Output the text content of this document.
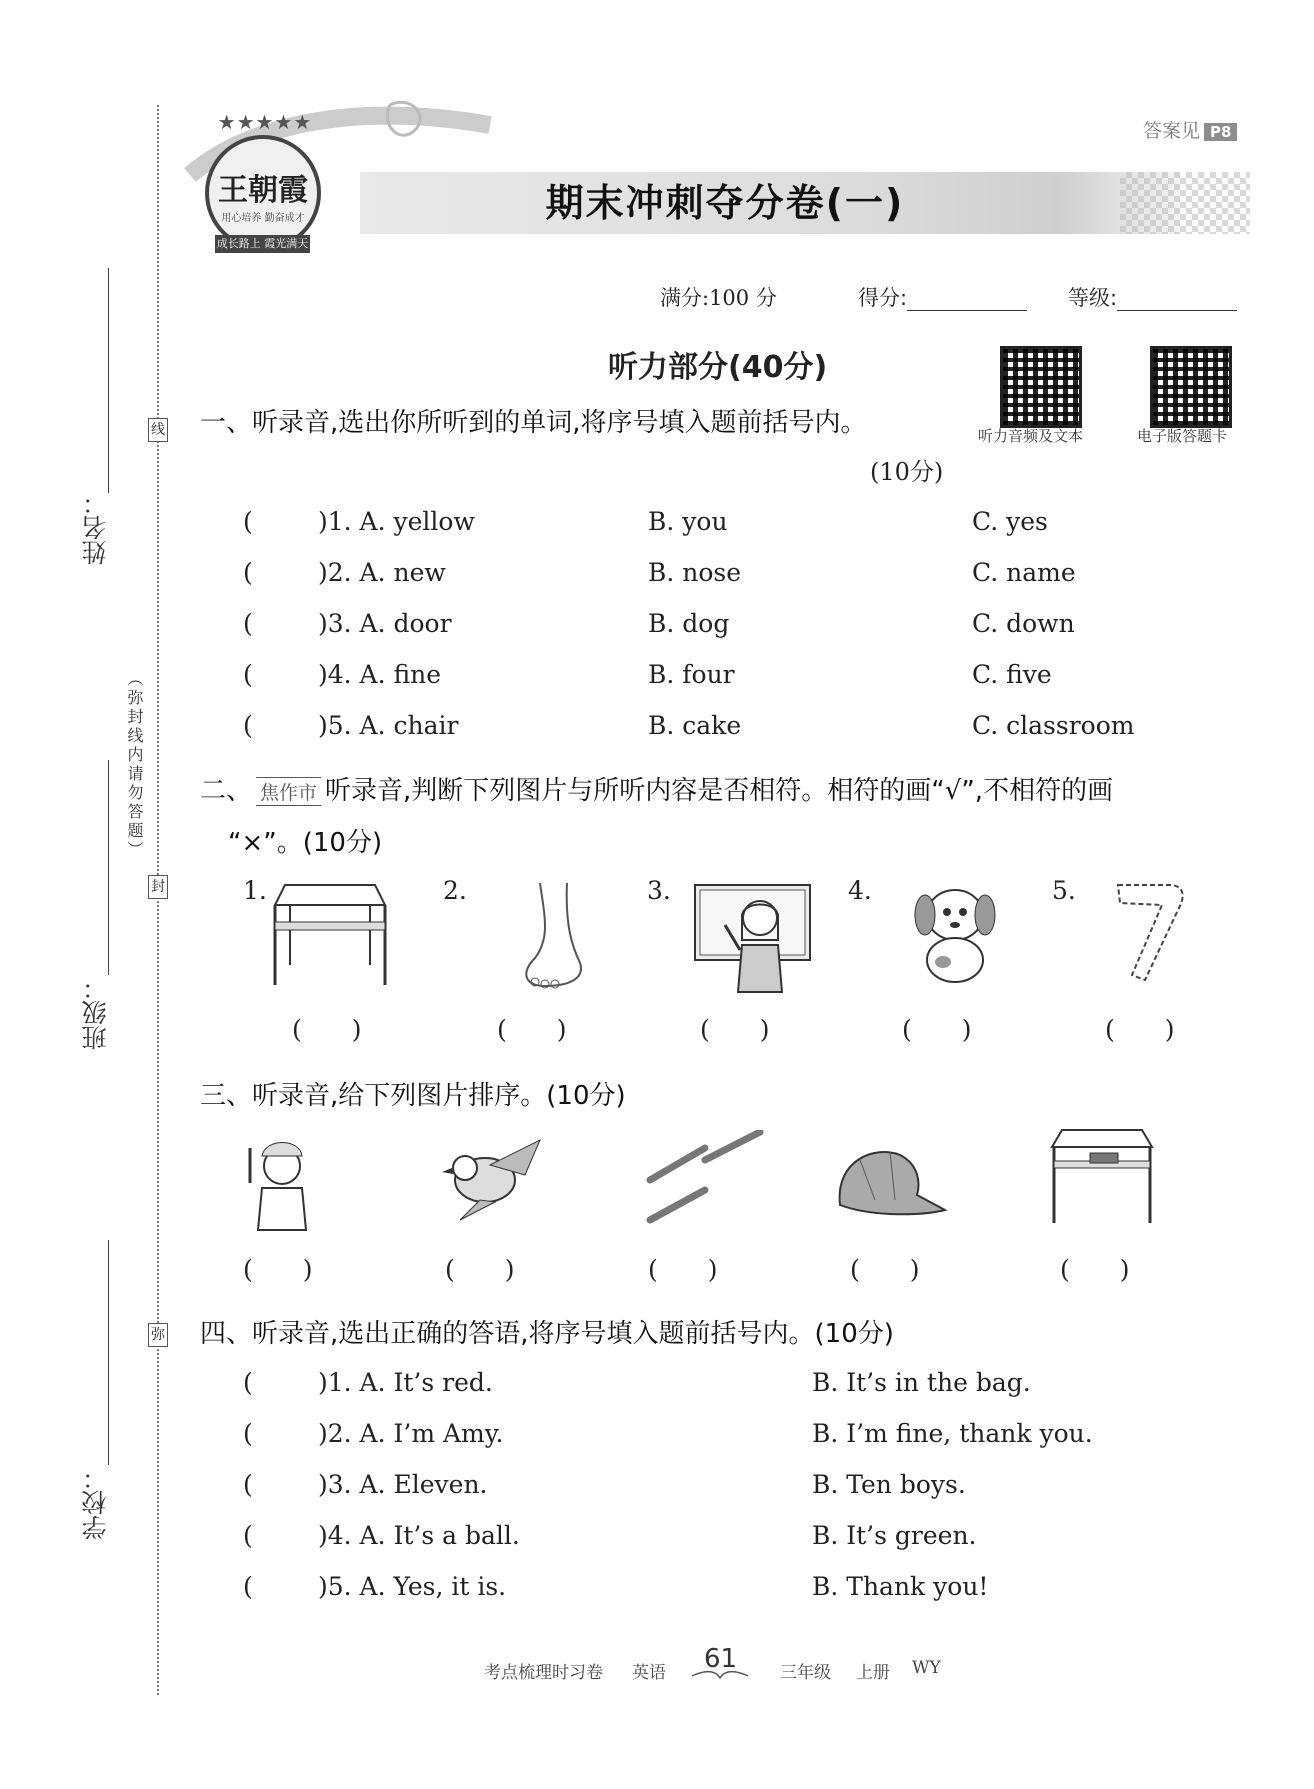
姓名：
班级：
学校：
线
封
弥
（弥封线内请勿答题）
★★★★★
王朝霞
用心培养 勤奋成才
成长路上 霞光满天
答案见 P8
期末冲刺夺分卷(一)
满分:100 分	得分:	等级:
听力部分(40分)
听力音频及文本	电子版答题卡
一、听录音,选出你所听到的单词,将序号填入题前括号内。
(10分)
(	)1. A. yellow	B. you	C. yes
(	)2. A. new	B. nose	C. name
(	)3. A. door	B. dog	C. down
(	)4. A. fine	B. four	C. five
(	)5. A. chair	B. cake	C. classroom
二、 焦作市 听录音,判断下列图片与所听内容是否相符。相符的画“√”,不相符的画
“×”。(10分)
1.	2.	3.	4.	5.
(　　)	(　　)	(　　)	(　　)	(　　)
三、听录音,给下列图片排序。(10分)
(　　)	(　　)	(　　)	(　　)	(　　)
四、听录音,选出正确的答语,将序号填入题前括号内。(10分)
(	)1. A. It’s red.	B. It’s in the bag.
(	)2. A. I’m Amy.	B. I’m fine, thank you.
(	)3. A. Eleven.	B. Ten boys.
(	)4. A. It’s a ball.	B. It’s green.
(	)5. A. Yes, it is.	B. Thank you!
考点梳理时习卷 英语 61	三年级 上册 WY
